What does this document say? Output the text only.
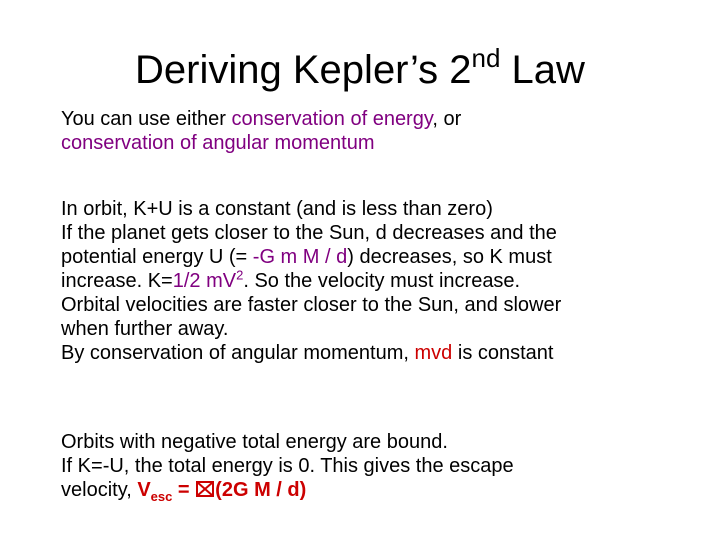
Deriving Kepler’s 2nd Law
You can use either conservation of energy, or
conservation of angular momentum
In orbit, K+U is a constant (and is less than zero)
If the planet gets closer to the Sun, d decreases and the
potential energy U (= -G m M / d) decreases, so K must
increase. K=1/2 $mV^2$. So the velocity must increase.
Orbital velocities are faster closer to the Sun, and slower
when further away.
By conservation of angular momentum, mvd is constant
Orbits with negative total energy are bound.
If K=-U, the total energy is 0. This gives the escape
velocity, $V_{esc}$ =
(2G M / d)
